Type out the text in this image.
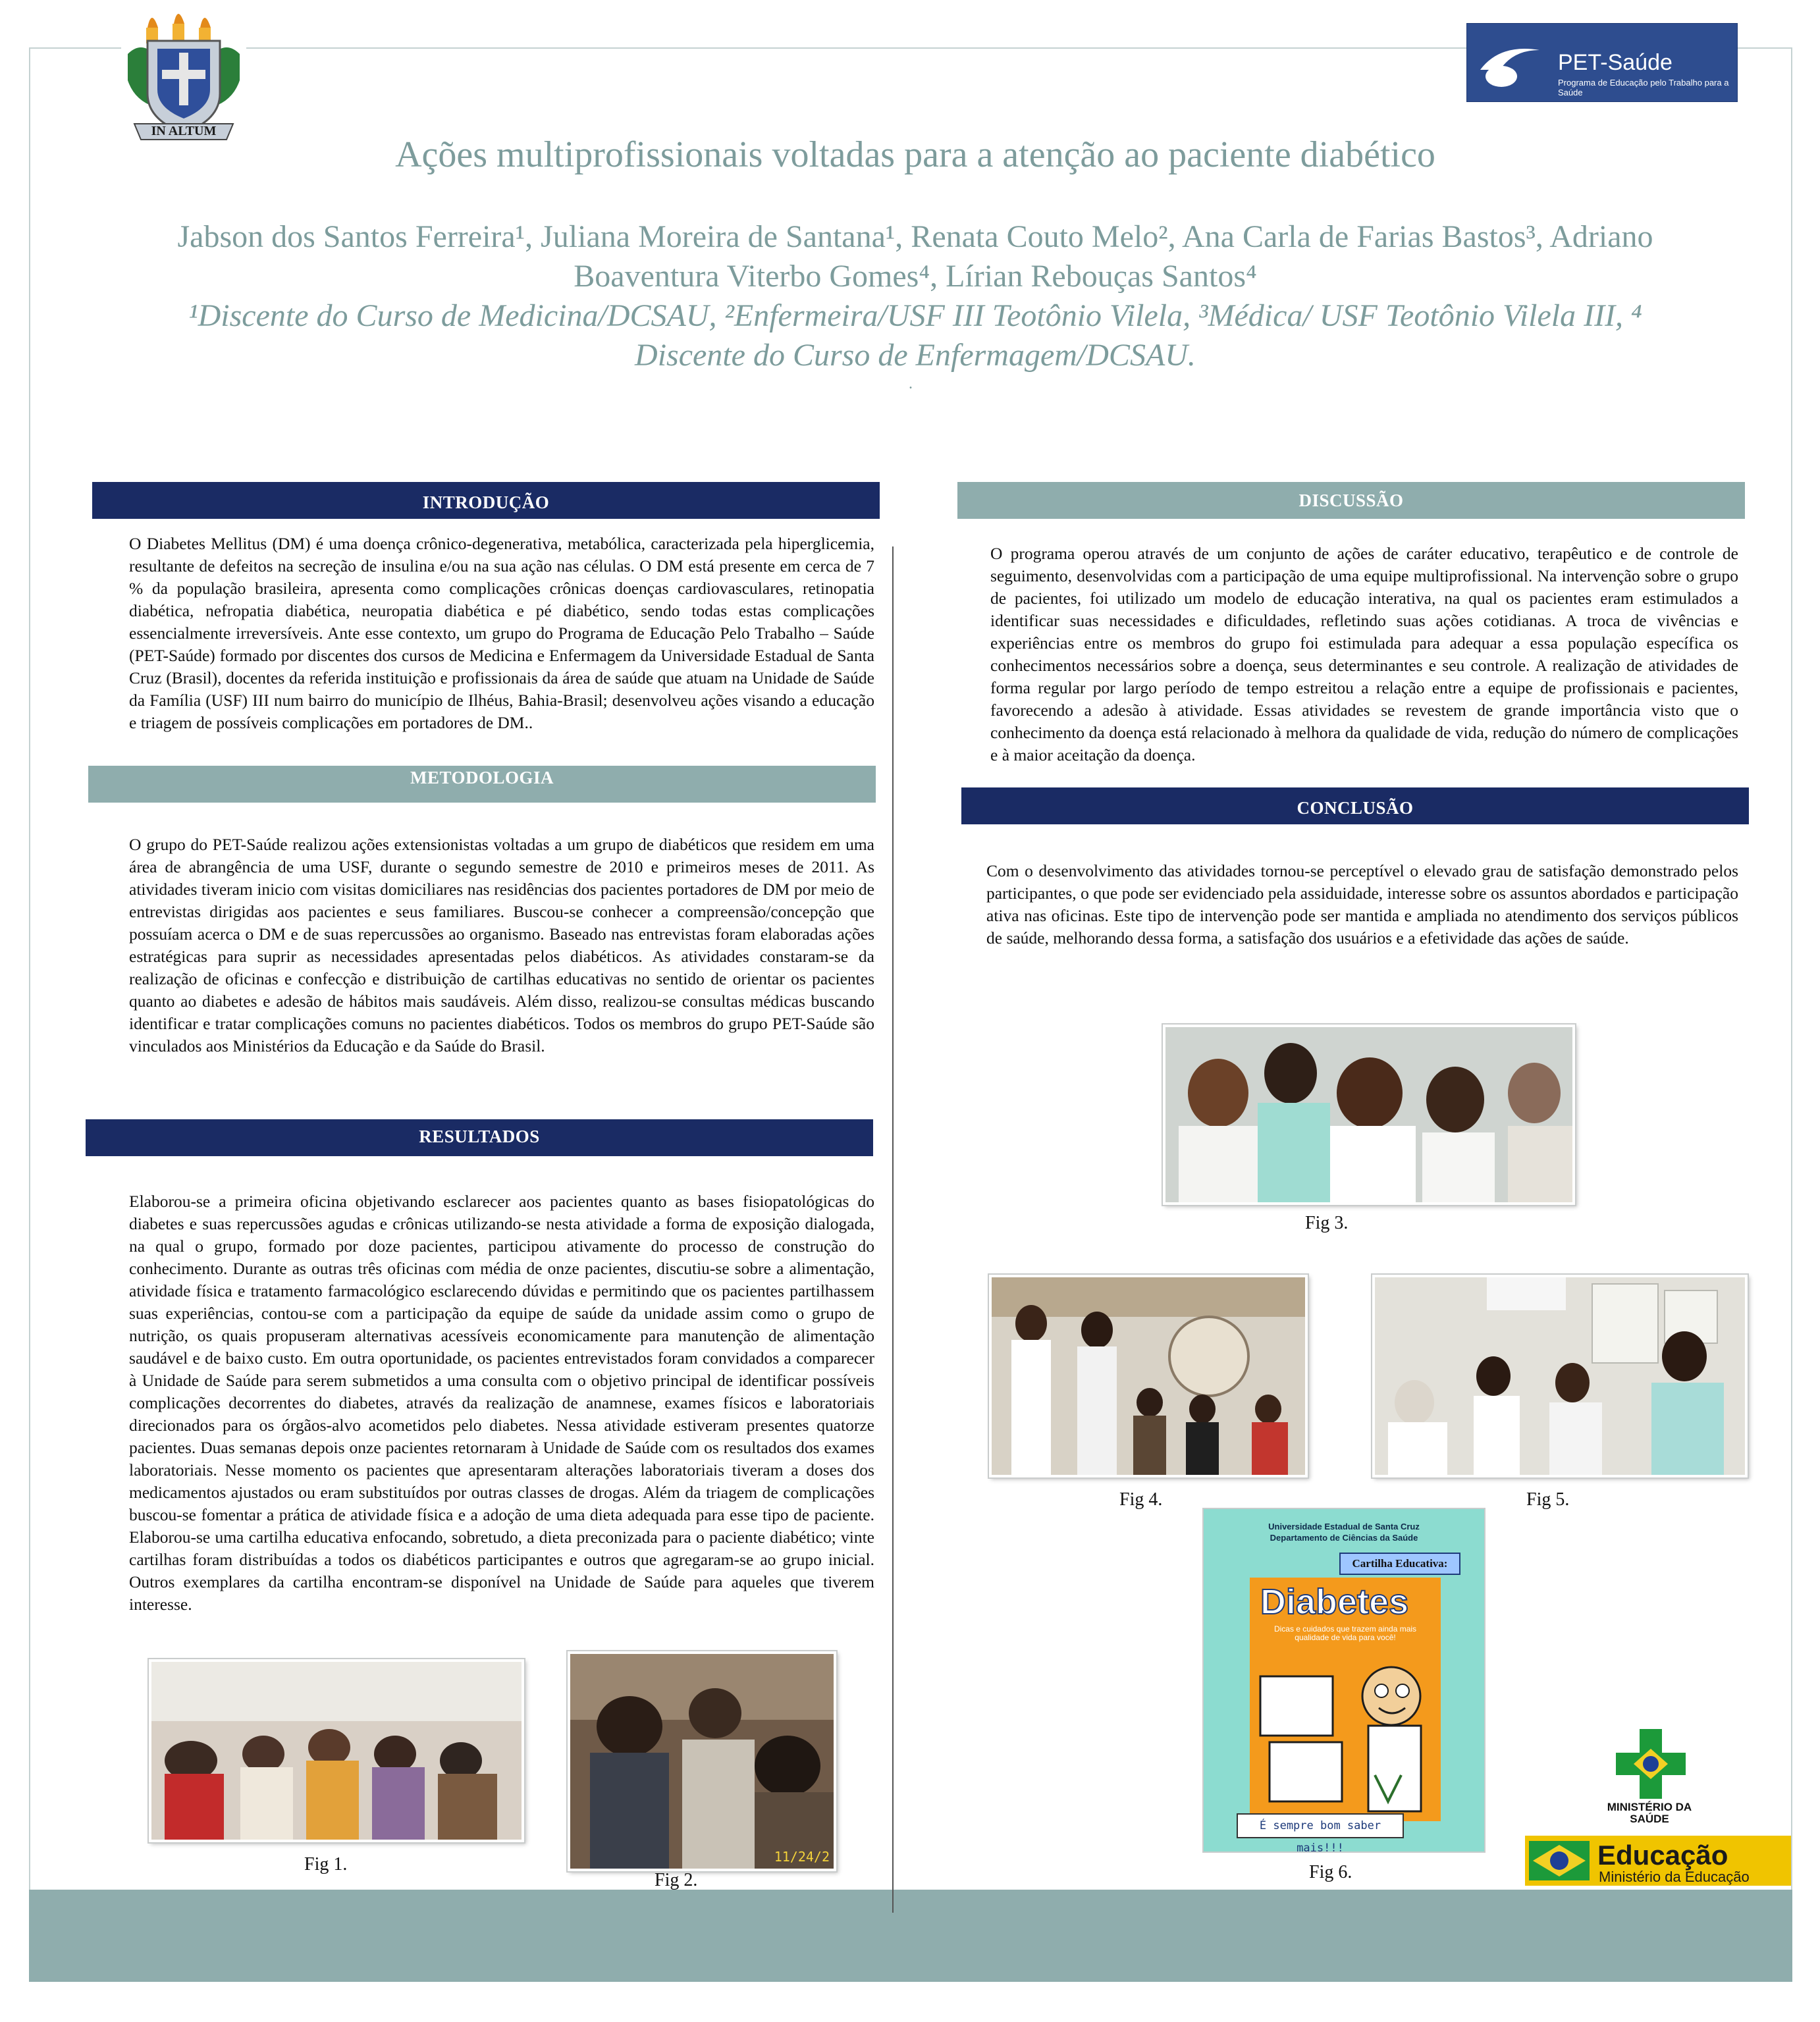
IN ALTUM
PET-Saúde
Programa de Educação pelo Trabalho para a Saúde
Ações multiprofissionais voltadas para a atenção ao paciente diabético
Jabson dos Santos Ferreira¹, Juliana Moreira de Santana¹, Renata Couto Melo², Ana Carla de Farias Bastos³, Adriano
Boaventura Viterbo Gomes⁴, Lírian Rebouças Santos⁴
¹Discente do Curso de Medicina/DCSAU, ²Enfermeira/USF III Teotônio Vilela, ³Médica/ USF Teotônio Vilela III, ⁴
Discente do Curso de Enfermagem/DCSAU.
.
INTRODUÇÃO
O Diabetes Mellitus (DM) é uma doença crônico-degenerativa, metabólica, caracterizada pela hiperglicemia, resultante de defeitos na secreção de insulina e/ou na sua ação nas células. O DM está presente em cerca de 7 % da população brasileira, apresenta como complicações crônicas doenças cardiovasculares, retinopatia diabética, nefropatia diabética, neuropatia diabética e pé diabético, sendo todas estas complicações essencialmente irreversíveis. Ante esse contexto, um grupo do Programa de Educação Pelo Trabalho – Saúde (PET-Saúde) formado por discentes dos cursos de Medicina e Enfermagem da Universidade Estadual de Santa Cruz (Brasil), docentes da referida instituição e profissionais da área de saúde que atuam na Unidade de Saúde da Família (USF) III num bairro do município de Ilhéus, Bahia-Brasil; desenvolveu ações visando a educação e triagem de possíveis complicações em portadores de DM..
METODOLOGIA
O grupo do PET-Saúde realizou ações extensionistas voltadas a um grupo de diabéticos que residem em uma área de abrangência de uma USF, durante o segundo semestre de 2010 e primeiros meses de 2011. As atividades tiveram inicio com visitas domiciliares nas residências dos pacientes portadores de DM por meio de entrevistas dirigidas aos pacientes e seus familiares. Buscou-se conhecer a compreensão/concepção que possuíam acerca o DM e de suas repercussões ao organismo. Baseado nas entrevistas foram elaboradas ações estratégicas para suprir as necessidades apresentadas pelos diabéticos. As atividades constaram-se da realização de oficinas e confecção e distribuição de cartilhas educativas no sentido de orientar os pacientes quanto ao diabetes e adesão de hábitos mais saudáveis. Além disso, realizou-se consultas médicas buscando identificar e tratar complicações comuns no pacientes diabéticos. Todos os membros do grupo PET-Saúde são vinculados aos Ministérios da Educação e da Saúde do Brasil.
RESULTADOS
Elaborou-se a primeira oficina objetivando esclarecer aos pacientes quanto as bases fisiopatológicas do diabetes e suas repercussões agudas e crônicas utilizando-se nesta atividade a forma de exposição dialogada, na qual o grupo, formado por doze pacientes, participou ativamente do processo de construção do conhecimento. Durante as outras três oficinas com média de onze pacientes, discutiu-se sobre a alimentação, atividade física e tratamento farmacológico esclarecendo dúvidas e permitindo que os pacientes partilhassem suas experiências, contou-se com a participação da equipe de saúde da unidade assim como o grupo de nutrição, os quais propuseram alternativas acessíveis economicamente para manutenção de alimentação saudável e de baixo custo. Em outra oportunidade, os pacientes entrevistados foram convidados a comparecer à Unidade de Saúde para serem submetidos a uma consulta com o objetivo principal de identificar possíveis complicações decorrentes do diabetes, através da realização de anamnese, exames físicos e laboratoriais direcionados para os órgãos-alvo acometidos pelo diabetes. Nessa atividade estiveram presentes quatorze pacientes. Duas semanas depois onze pacientes retornaram à Unidade de Saúde com os resultados dos exames laboratoriais. Nesse momento os pacientes que apresentaram alterações laboratoriais tiveram a doses dos medicamentos ajustados ou eram substituídos por outras classes de drogas. Além da triagem de complicações buscou-se fomentar a prática de atividade física e a adoção de uma dieta adequada para esse tipo de paciente. Elaborou-se uma cartilha educativa enfocando, sobretudo, a dieta preconizada para o paciente diabético; vinte cartilhas foram distribuídas a todos os diabéticos participantes e outros que agregaram-se ao grupo inicial. Outros exemplares da cartilha encontram-se disponível na Unidade de Saúde para aqueles que tiverem interesse.
Fig 1.	11/24/2
Fig 2.
DISCUSSÃO
O programa operou através de um conjunto de ações de caráter educativo, terapêutico e de controle de seguimento, desenvolvidas com a participação de uma equipe multiprofissional. Na intervenção sobre o grupo de pacientes, foi utilizado um modelo de educação interativa, na qual os pacientes eram estimulados a identificar suas necessidades e dificuldades, refletindo suas ações cotidianas. A troca de vivências e experiências entre os membros do grupo foi estimulada para adequar a essa população específica os conhecimentos necessários sobre a doença, seus determinantes e seu controle. A realização de atividades de forma regular por largo período de tempo estreitou a relação entre a equipe de profissionais e pacientes, favorecendo a adesão à atividade. Essas atividades se revestem de grande importância visto que o conhecimento da doença está relacionado à melhora da qualidade de vida, redução do número de complicações e à maior aceitação da doença.
CONCLUSÃO
Com o desenvolvimento das atividades tornou-se perceptível o elevado grau de satisfação demonstrado pelos participantes, o que pode ser evidenciado pela assiduidade, interesse sobre os assuntos abordados e participação ativa nas oficinas. Este tipo de intervenção pode ser mantida e ampliada no atendimento dos serviços públicos de saúde, melhorando dessa forma, a satisfação dos usuários e a efetividade das ações de saúde.
Fig 3.
Fig 4.	Fig 5.
Universidade Estadual de Santa Cruz
Departamento de Ciências da Saúde
Cartilha Educativa:
Diabetes
Dicas e cuidados que trazem ainda mais qualidade de vida para você!
É sempre bom saber mais!!!
Fig 6.
MINISTÉRIO DA SAÚDE
Educação
Ministério da Educação
